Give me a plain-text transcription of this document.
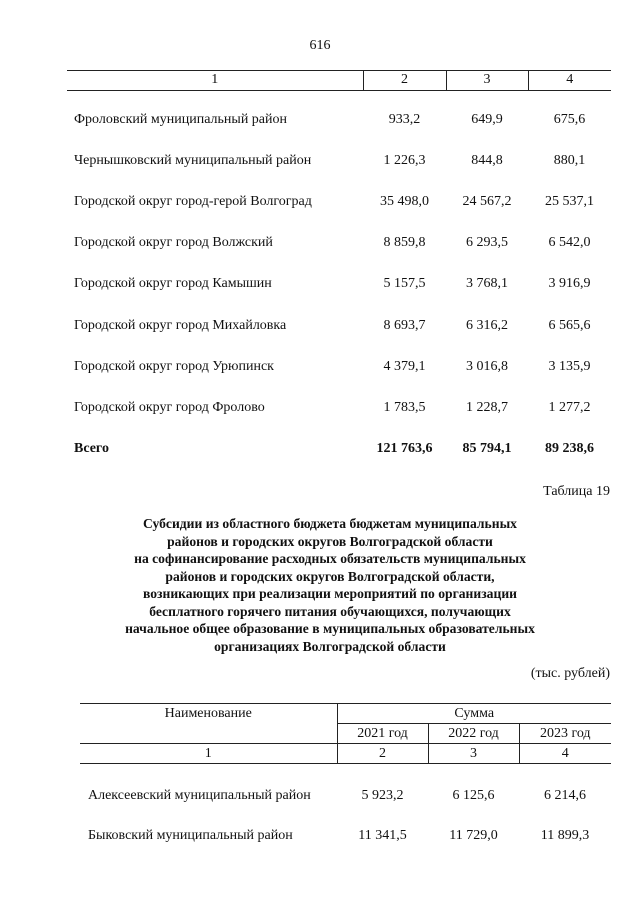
616
1	2	3	4

Фроловский муниципальный район	933,2	649,9	675,6
Чернышковский муниципальный район	1 226,3	844,8	880,1
Городской округ город-герой Волгоград	35 498,0	24 567,2	25 537,1
Городской округ город Волжский	8 859,8	6 293,5	6 542,0
Городской округ город Камышин	5 157,5	3 768,1	3 916,9
Городской округ город Михайловка	8 693,7	6 316,2	6 565,6
Городской округ город Урюпинск	4 379,1	3 016,8	3 135,9
Городской округ город Фролово	1 783,5	1 228,7	1 277,2
Всего	121 763,6	85 794,1	89 238,6
Таблица 19
Субсидии из областного бюджета бюджетам муниципальных
районов и городских округов Волгоградской области
на софинансирование расходных обязательств муниципальных
районов и городских округов Волгоградской области,
возникающих при реализации мероприятий по организации
бесплатного горячего питания обучающихся, получающих
начальное общее образование в муниципальных образовательных
организациях Волгоградской области
(тыс. рублей)
Наименование	Сумма		
	2021 год	2022 год	2023 год
1	2	3	4

Алексеевский муниципальный район	5 923,2	6 125,6	6 214,6
Быковский муниципальный район	11 341,5	11 729,0	11 899,3
